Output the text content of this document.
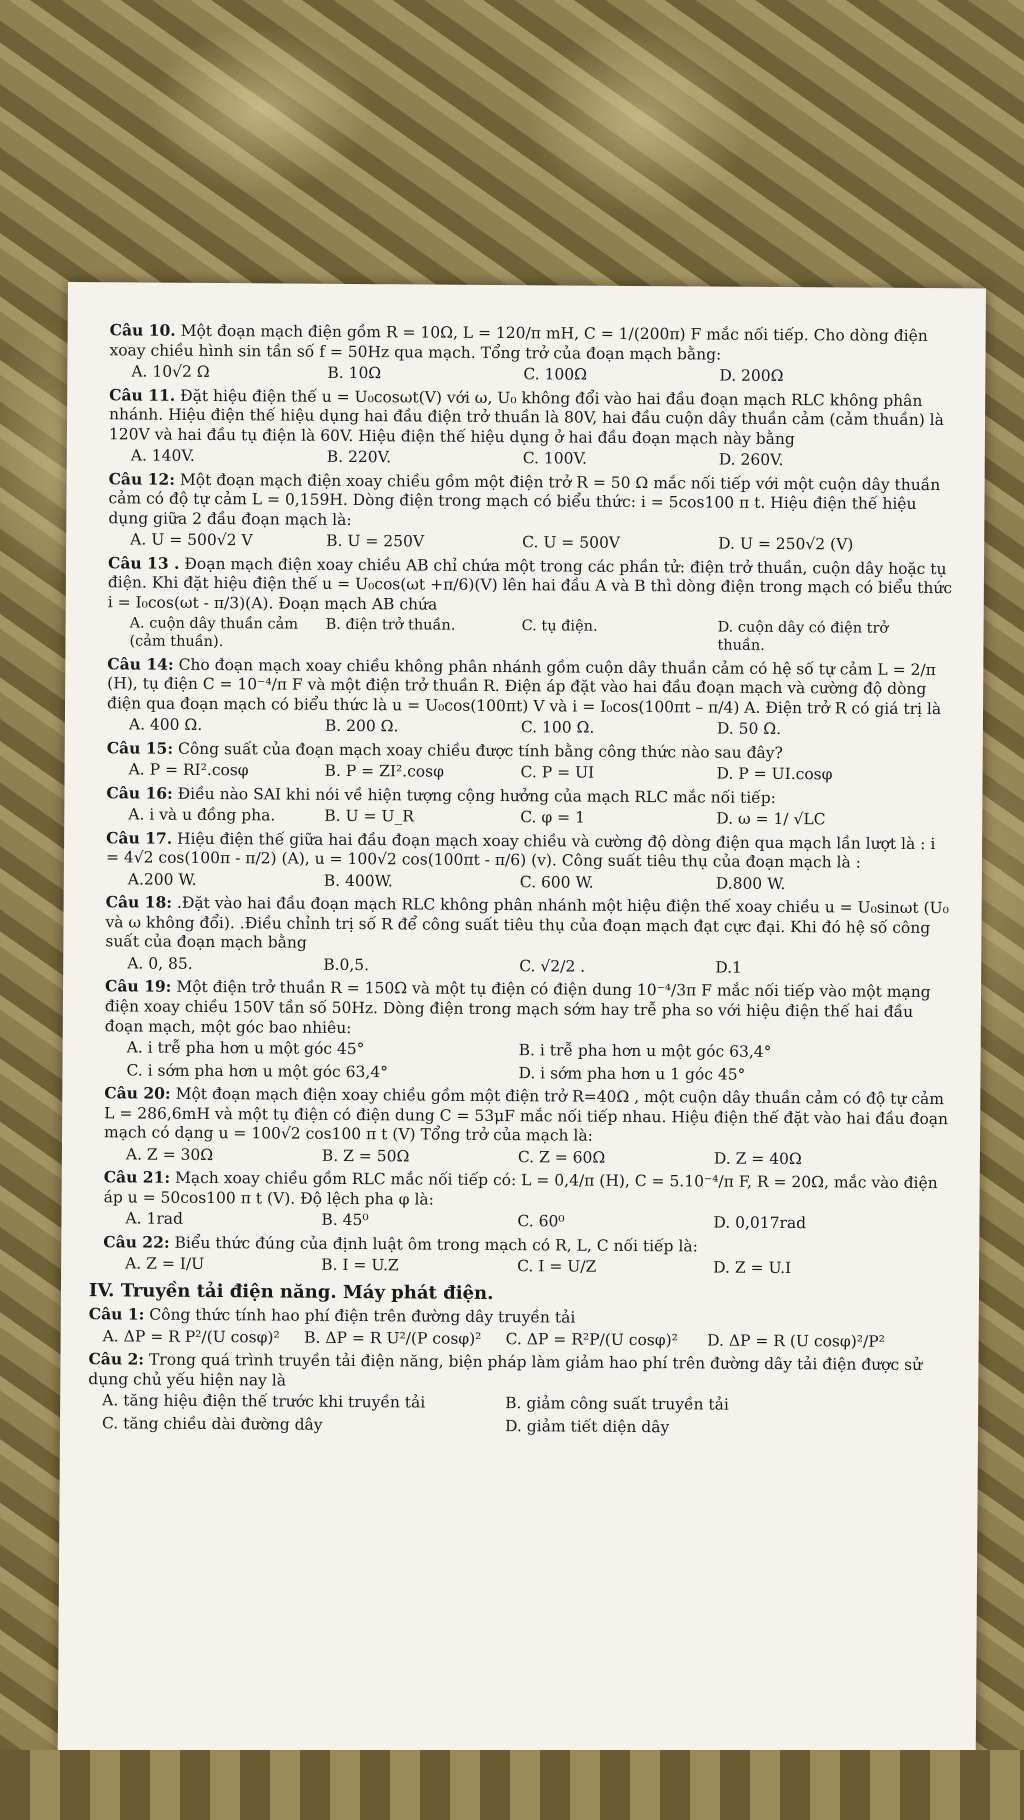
Câu 10. Một đoạn mạch điện gồm R = 10Ω, L = 120/π mH, C = 1/(200π) F mắc nối tiếp. Cho dòng điện xoay chiều hình sin tần số f = 50Hz qua mạch. Tổng trở của đoạn mạch bằng:
A. 10√2 Ω	B. 10Ω	C. 100Ω	D. 200Ω
Câu 11. Đặt hiệu điện thế u = U₀cosωt(V) với ω, U₀ không đổi vào hai đầu đoạn mạch RLC không phân nhánh. Hiệu điện thế hiệu dụng hai đầu điện trở thuần là 80V, hai đầu cuộn dây thuần cảm (cảm thuần) là 120V và hai đầu tụ điện là 60V. Hiệu điện thế hiệu dụng ở hai đầu đoạn mạch này bằng
A. 140V.	B. 220V.	C. 100V.	D. 260V.
Câu 12: Một đoạn mạch điện xoay chiều gồm một điện trở R = 50 Ω mắc nối tiếp với một cuộn dây thuần cảm có độ tự cảm L = 0,159H. Dòng điện trong mạch có biểu thức: i = 5cos100 π t. Hiệu điện thế hiệu dụng giữa 2 đầu đoạn mạch là:
A. U = 500√2 V	B. U = 250V	C. U = 500V	D. U = 250√2 (V)
Câu 13 . Đoạn mạch điện xoay chiều AB chỉ chứa một trong các phần tử: điện trở thuần, cuộn dây hoặc tụ điện. Khi đặt hiệu điện thế u = U₀cos(ωt +π/6)(V) lên hai đầu A và B thì dòng điện trong mạch có biểu thức i = I₀cos(ωt - π/3)(A). Đoạn mạch AB chứa
A. cuộn dây thuần cảm (cảm thuần).
B. điện trở thuần.	C. tụ điện.	D. cuộn dây có điện trở thuần.
Câu 14: Cho đoạn mạch xoay chiều không phân nhánh gồm cuộn dây thuần cảm có hệ số tự cảm L = 2/π (H), tụ điện C = 10⁻⁴/π F và một điện trở thuần R. Điện áp đặt vào hai đầu đoạn mạch và cường độ dòng điện qua đoạn mạch có biểu thức là u = U₀cos(100πt) V và i = I₀cos(100πt – π/4) A. Điện trở R có giá trị là
A. 400 Ω.	B. 200 Ω.	C. 100 Ω.	D. 50 Ω.
Câu 15: Công suất của đoạn mạch xoay chiều được tính bằng công thức nào sau đây?
A. P = RI².cosφ	B. P = ZI².cosφ	C. P = UI	D. P = UI.cosφ
Câu 16: Điều nào SAI khi nói về hiện tượng cộng hưởng của mạch RLC mắc nối tiếp:
A. i và u đồng pha.	B. U = U_R	C. φ = 1	D. ω = 1/ √LC
Câu 17. Hiệu điện thế giữa hai đầu đoạn mạch xoay chiều và cường độ dòng điện qua mạch lần lượt là : i = 4√2 cos(100π - π/2) (A), u = 100√2 cos(100πt - π/6) (v). Công suất tiêu thụ của đoạn mạch là :
A.200 W.	B. 400W.	C. 600 W.	D.800 W.
Câu 18: .Đặt vào hai đầu đoạn mạch RLC không phân nhánh một hiệu điện thế xoay chiều u = U₀sinωt (U₀ và ω không đổi). .Điều chỉnh trị số R để công suất tiêu thụ của đoạn mạch đạt cực đại. Khi đó hệ số công suất của đoạn mạch bằng
A. 0, 85.	B.0,5.	C. √2/2 .	D.1
Câu 19: Một điện trở thuần R = 150Ω và một tụ điện có điện dung 10⁻⁴/3π F mắc nối tiếp vào một mạng điện xoay chiều 150V tần số 50Hz. Dòng điện trong mạch sớm hay trễ pha so với hiệu điện thế hai đầu đoạn mạch, một góc bao nhiêu:
A. i trễ pha hơn u một góc 45°	B. i trễ pha hơn u một góc 63,4°
C. i sớm pha hơn u một góc 63,4°	D. i sớm pha hơn u 1 góc 45°
Câu 20: Một đoạn mạch điện xoay chiều gồm một điện trở R=40Ω , một cuộn dây thuần cảm có độ tự cảm L = 286,6mH và một tụ điện có điện dung C = 53μF mắc nối tiếp nhau. Hiệu điện thế đặt vào hai đầu đoạn mạch có dạng u = 100√2 cos100 π t (V) Tổng trở của mạch là:
A. Z = 30Ω	B. Z = 50Ω	C. Z = 60Ω	D. Z = 40Ω
Câu 21: Mạch xoay chiều gồm RLC mắc nối tiếp có: L = 0,4/π (H), C = 5.10⁻⁴/π F, R = 20Ω, mắc vào điện áp u = 50cos100 π t (V). Độ lệch pha φ là:
A. 1rad	B. 45⁰	C. 60⁰	D. 0,017rad
Câu 22: Biểu thức đúng của định luật ôm trong mạch có R, L, C nối tiếp là:
A. Z = I/U	B. I = U.Z	C. I = U/Z	D. Z = U.I
IV. Truyền tải điện năng. Máy phát điện.
Câu 1: Công thức tính hao phí điện trên đường dây truyền tải
A. ΔP = R P²/(U cosφ)²	B. ΔP = R U²/(P cosφ)²	C. ΔP = R²P/(U cosφ)²	D. ΔP = R (U cosφ)²/P²
Câu 2: Trong quá trình truyền tải điện năng, biện pháp làm giảm hao phí trên đường dây tải điện được sử dụng chủ yếu hiện nay là
A. tăng hiệu điện thế trước khi truyền tải	B. giảm công suất truyền tải
C. tăng chiều dài đường dây	D. giảm tiết diện dây
